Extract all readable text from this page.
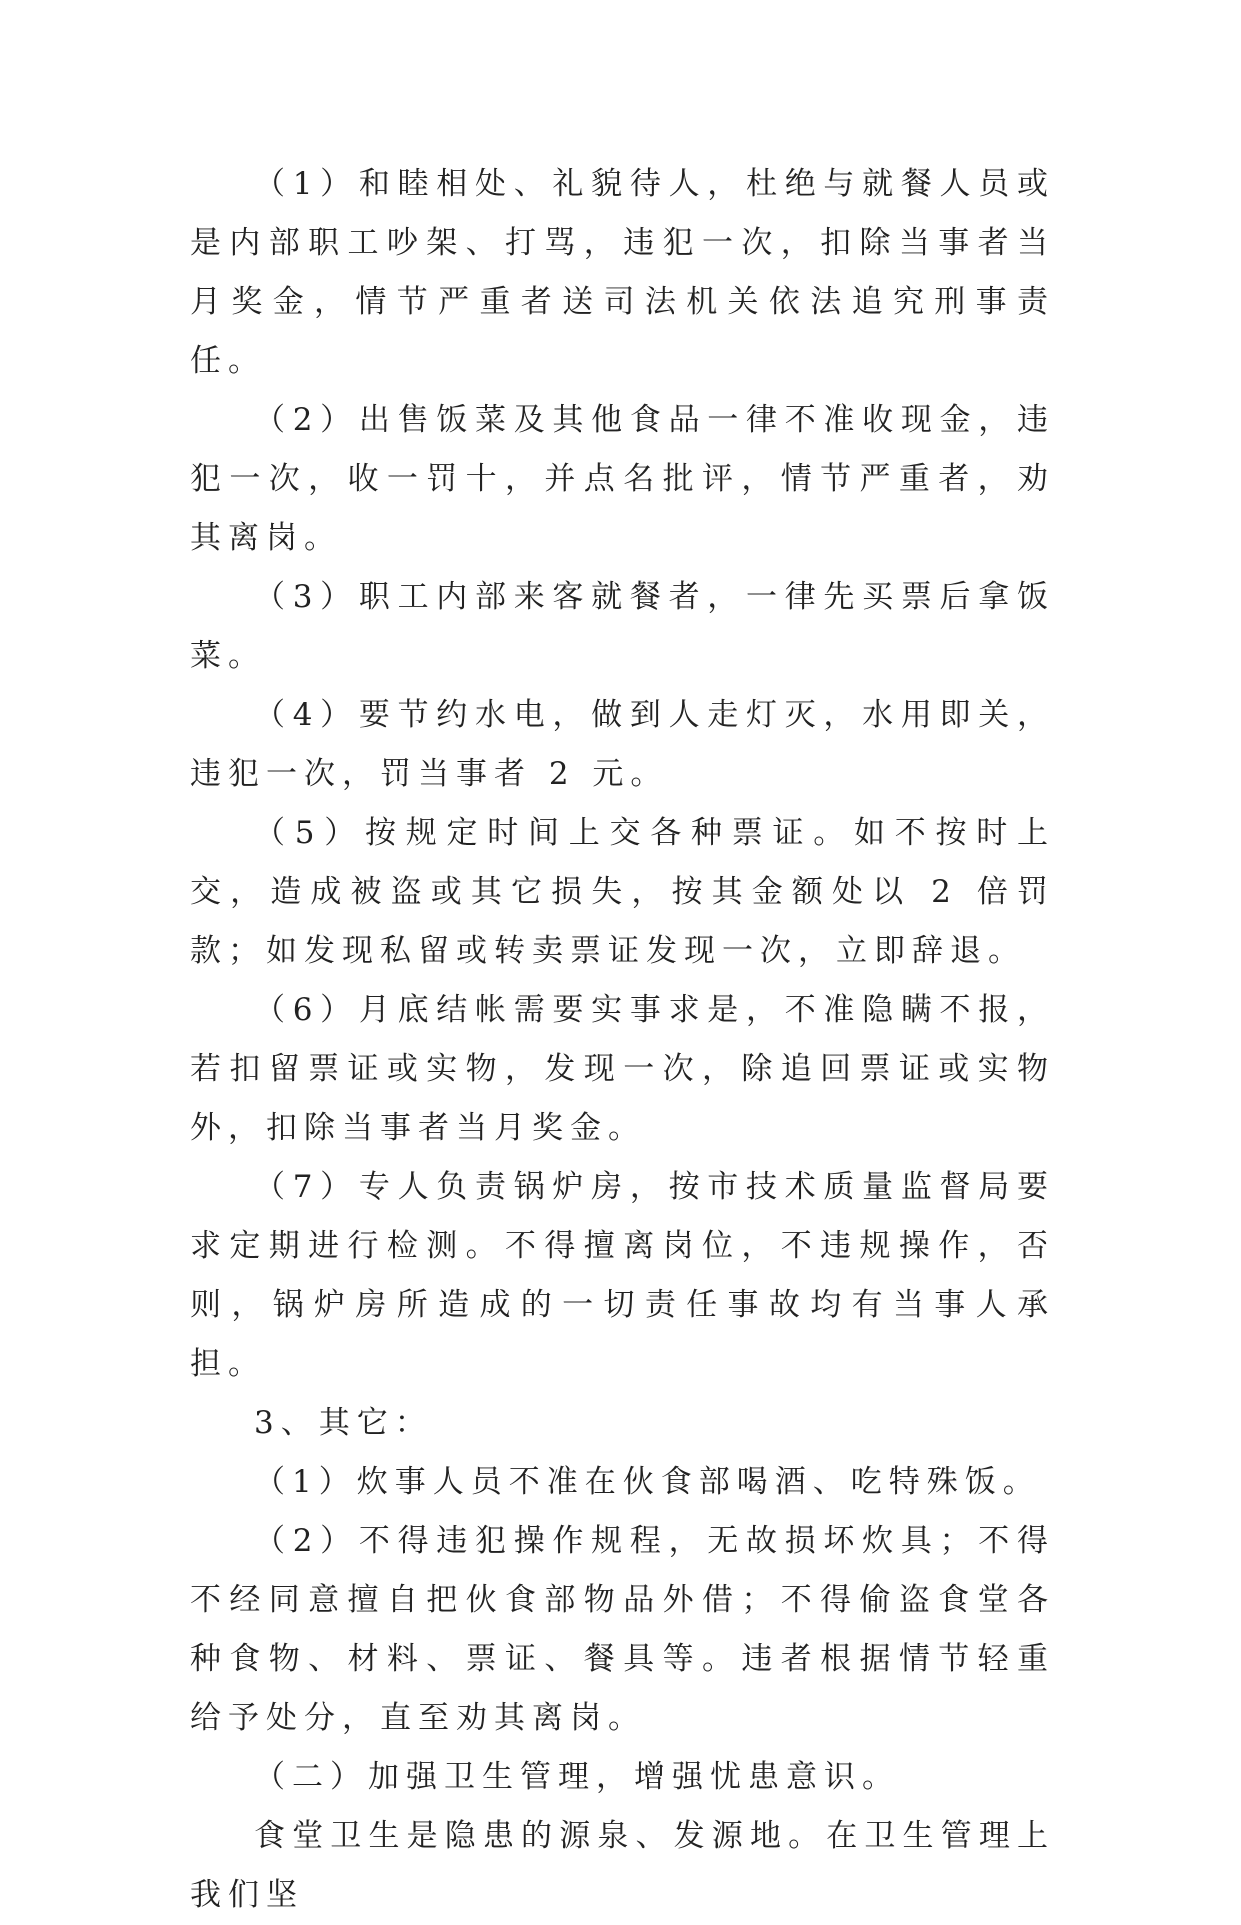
（1）和睦相处、礼貌待人，杜绝与就餐人员或是内部职工吵架、打骂，违犯一次，扣除当事者当月奖金，情节严重者送司法机关依法追究刑事责任。

（2）出售饭菜及其他食品一律不准收现金，违犯一次，收一罚十，并点名批评，情节严重者，劝其离岗。

（3）职工内部来客就餐者，一律先买票后拿饭菜。

（4）要节约水电，做到人走灯灭，水用即关，违犯一次，罚当事者 2 元。

（5）按规定时间上交各种票证。如不按时上交，造成被盗或其它损失，按其金额处以 2 倍罚款；如发现私留或转卖票证发现一次，立即辞退。

（6）月底结帐需要实事求是，不准隐瞒不报，若扣留票证或实物，发现一次，除追回票证或实物外，扣除当事者当月奖金。

（7）专人负责锅炉房，按市技术质量监督局要求定期进行检测。不得擅离岗位，不违规操作，否则，锅炉房所造成的一切责任事故均有当事人承担。

3、其它：

（1）炊事人员不准在伙食部喝酒、吃特殊饭。

（2）不得违犯操作规程，无故损坏炊具；不得不经同意擅自把伙食部物品外借；不得偷盗食堂各种食物、材料、票证、餐具等。违者根据情节轻重给予处分，直至劝其离岗。

（二）加强卫生管理，增强忧患意识。

食堂卫生是隐患的源泉、发源地。在卫生管理上我们坚
